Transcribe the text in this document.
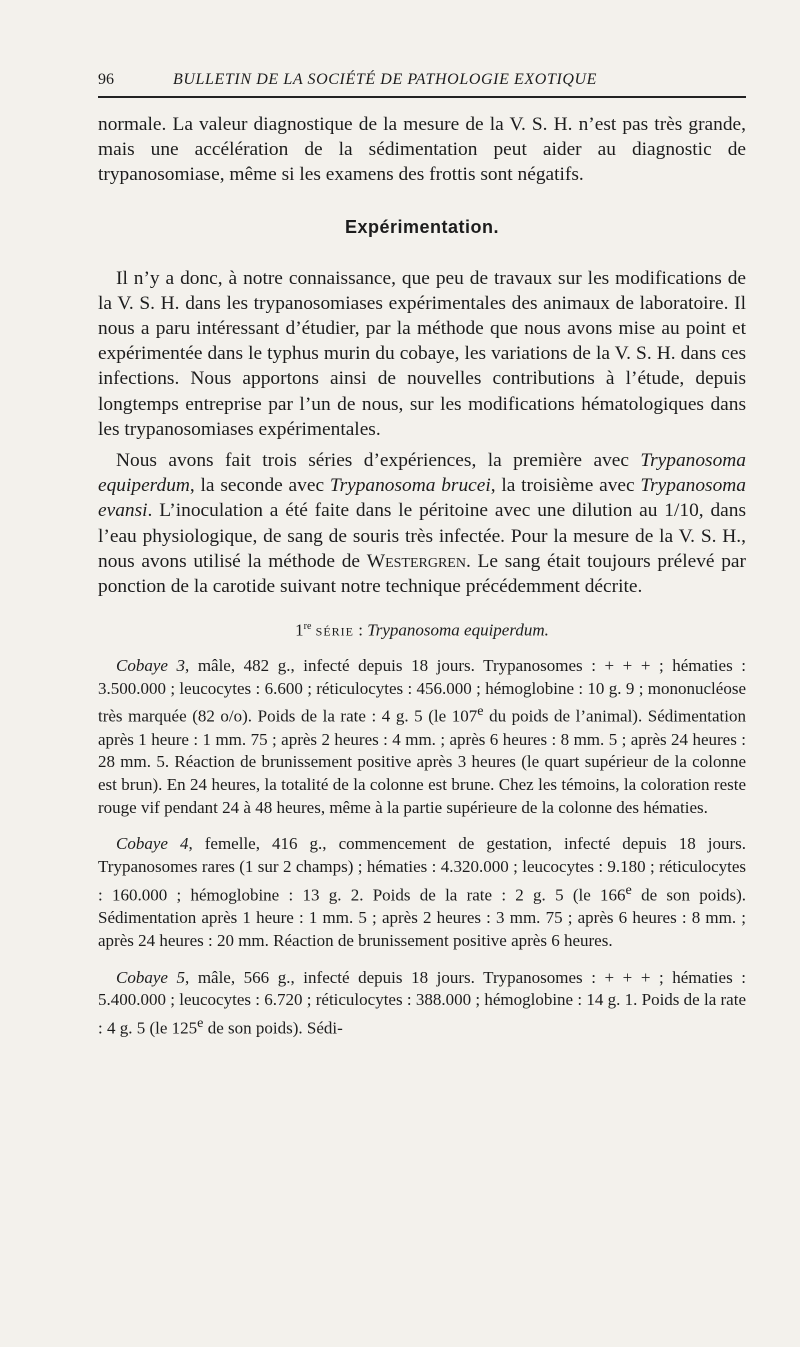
96	BULLETIN DE LA SOCIÉTÉ DE PATHOLOGIE EXOTIQUE

normale. La valeur diagnostique de la mesure de la V. S. H. n’est pas très grande, mais une accélération de la sédimentation peut aider au diagnostic de trypanosomiase, même si les examens des frottis sont négatifs.

Expérimentation.

Il n’y a donc, à notre connaissance, que peu de travaux sur les modifications de la V. S. H. dans les trypanosomiases expérimentales des animaux de laboratoire. Il nous a paru intéressant d’étudier, par la méthode que nous avons mise au point et expérimentée dans le typhus murin du cobaye, les variations de la V. S. H. dans ces infections. Nous apportons ainsi de nouvelles contributions à l’étude, depuis longtemps entreprise par l’un de nous, sur les modifications hématologiques dans les trypanosomiases expérimentales.

Nous avons fait trois séries d’expériences, la première avec Trypanosoma equiperdum, la seconde avec Trypanosoma brucei, la troisième avec Trypanosoma evansi. L’inoculation a été faite dans le péritoine avec une dilution au 1/10, dans l’eau physiologique, de sang de souris très infectée. Pour la mesure de la V. S. H., nous avons utilisé la méthode de Westergren. Le sang était toujours prélevé par ponction de la carotide suivant notre technique précédemment décrite.

1re SÉRIE : Trypanosoma equiperdum.

Cobaye 3, mâle, 482 g., infecté depuis 18 jours. Trypanosomes : + + + ; hématies : 3.500.000 ; leucocytes : 6.600 ; réticulocytes : 456.000 ; hémoglobine : 10 g. 9 ; mononucléose très marquée (82 o/o). Poids de la rate : 4 g. 5 (le 107e du poids de l’animal). Sédimentation après 1 heure : 1 mm. 75 ; après 2 heures : 4 mm. ; après 6 heures : 8 mm. 5 ; après 24 heures : 28 mm. 5. Réaction de brunissement positive après 3 heures (le quart supérieur de la colonne est brun). En 24 heures, la totalité de la colonne est brune. Chez les témoins, la coloration reste rouge vif pendant 24 à 48 heures, même à la partie supérieure de la colonne des hématies.

Cobaye 4, femelle, 416 g., commencement de gestation, infecté depuis 18 jours. Trypanosomes rares (1 sur 2 champs) ; hématies : 4.320.000 ; leucocytes : 9.180 ; réticulocytes : 160.000 ; hémoglobine : 13 g. 2. Poids de la rate : 2 g. 5 (le 166e de son poids). Sédimentation après 1 heure : 1 mm. 5 ; après 2 heures : 3 mm. 75 ; après 6 heures : 8 mm. ; après 24 heures : 20 mm. Réaction de brunissement positive après 6 heures.

Cobaye 5, mâle, 566 g., infecté depuis 18 jours. Trypanosomes : + + + ; hématies : 5.400.000 ; leucocytes : 6.720 ; réticulocytes : 388.000 ; hémoglobine : 14 g. 1. Poids de la rate : 4 g. 5 (le 125e de son poids). Sédi-
